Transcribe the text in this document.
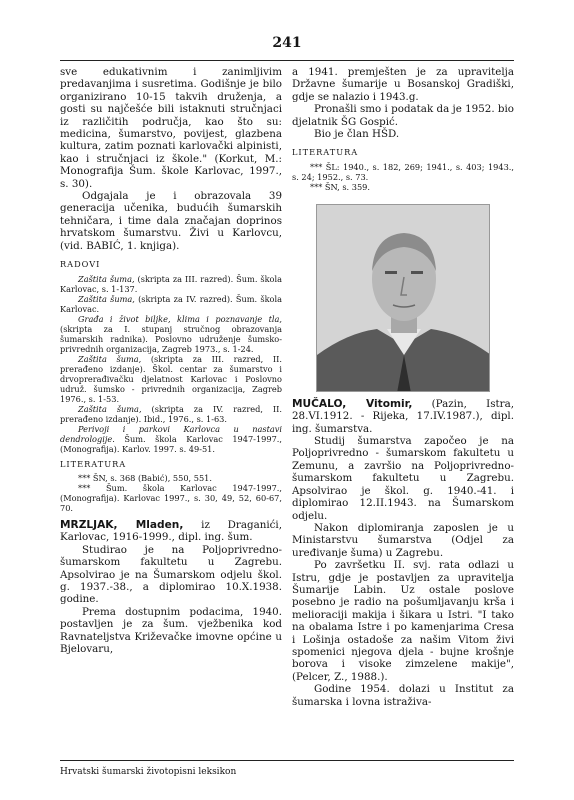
241
sve edukativnim i zanimljivim predavanjima i susretima. Godišnje je bilo organizirano 10-15 takvih druženja, a gosti su najčešće bili istaknuti stručnjaci iz različitih područja, kao što su: medicina, šumarstvo, povijest, glazbena kultura, zatim poznati karlovački alpinisti, kao i stručnjaci iz škole." (Korkut, M.: Monografija Šum. škole Karlovac, 1997., s. 30).
Odgajala je i obrazovala 39 generacija učenika, budućih šumarskih tehničara, i time dala značajan doprinos hrvatskom šumarstvu. Živi u Karlovcu, (vid. BABIĆ, 1. knjiga).
RADOVI
Zaštita šuma, (skripta za III. razred). Šum. škola Karlovac, s. 1-137.
Zaštita šuma, (skripta za IV. razred). Šum. škola Karlovac.
Građa i život biljke, klima i poznavanje tla, (skripta za I. stupanj stručnog obrazovanja šumarskih radnika). Poslovno udruženje šumsko-privrednih organizacija, Zagreb 1973., s. 1-24.
Zaštita šuma, (skripta za III. razred, II. prerađeno izdanje). Škol. centar za šumarstvo i drvoprerađivačku djelatnost Karlovac i Poslovno udruž. šumsko - privrednih organizacija, Zagreb 1976., s. 1-53.
Zaštita šuma, (skripta za IV. razred, II. prerađeno izdanje). Ibid., 1976., s. 1-63.
Perivoji i parkovi Karlovca u nastavi dendrologije. Šum. škola Karlovac 1947-1997., (Monografija). Karlov. 1997. s. 49-51.
LITERATURA
*** ŠN, s. 368 (Babić), 550, 551.
*** Šum. škola Karlovac 1947-1997., (Monografija). Karlovac 1997., s. 30, 49, 52, 60-67, 70.
MRZLJAK, Mladen, iz Draganići, Karlovac, 1916-1999., dipl. ing. šum.
Studirao je na Poljoprivredno-šumarskom fakultetu u Zagrebu. Apsolvirao je na Šumarskom odjelu škol. g. 1937.-38., a diplomirao 10.X.1938. godine.
Prema dostupnim podacima, 1940. postavljen je za šum. vježbenika kod Ravnateljstva Križevačke imovne općine u Bjelovaru,
a 1941. premješten je za upravitelja Državne šumarije u Bosanskoj Gradiški, gdje se nalazio i 1943.g.
Pronašli smo i podatak da je 1952. bio djelatnik ŠG Gospić.
Bio je član HŠD.
LITERATURA
*** ŠL: 1940., s. 182, 269; 1941., s. 403; 1943., s. 24; 1952., s. 73.
*** ŠN, s. 359.
MUČALO, Vitomir, (Pazin, Istra, 28.VI.1912. - Rijeka, 17.IV.1987.), dipl. ing. šumarstva.
Studij šumarstva započeo je na Poljoprivredno - šumarskom fakultetu u Zemunu, a završio na Poljoprivredno-šumarskom fakultetu u Zagrebu. Apsolvirao je škol. g. 1940.-41. i diplomirao 12.II.1943. na Šumarskom odjelu.
Nakon diplomiranja zaposlen je u Ministarstvu šumarstva (Odjel za uređivanje šuma) u Zagrebu.
Po završetku II. svj. rata odlazi u Istru, gdje je postavljen za upravitelja Šumarije Labin. Uz ostale poslove posebno je radio na pošumljavanju krša i melioraciji makija i šikara u Istri. "I tako na obalama Istre i po kamenjarima Cresa i Lošinja ostadoše za našim Vitom živi spomenici njegova djela - bujne krošnje borova i visoke zimzelene makije", (Pelcer, Z., 1988.).
Godine 1954. dolazi u Institut za šumarska i lovna istraživa-
Hrvatski šumarski životopisni leksikon
